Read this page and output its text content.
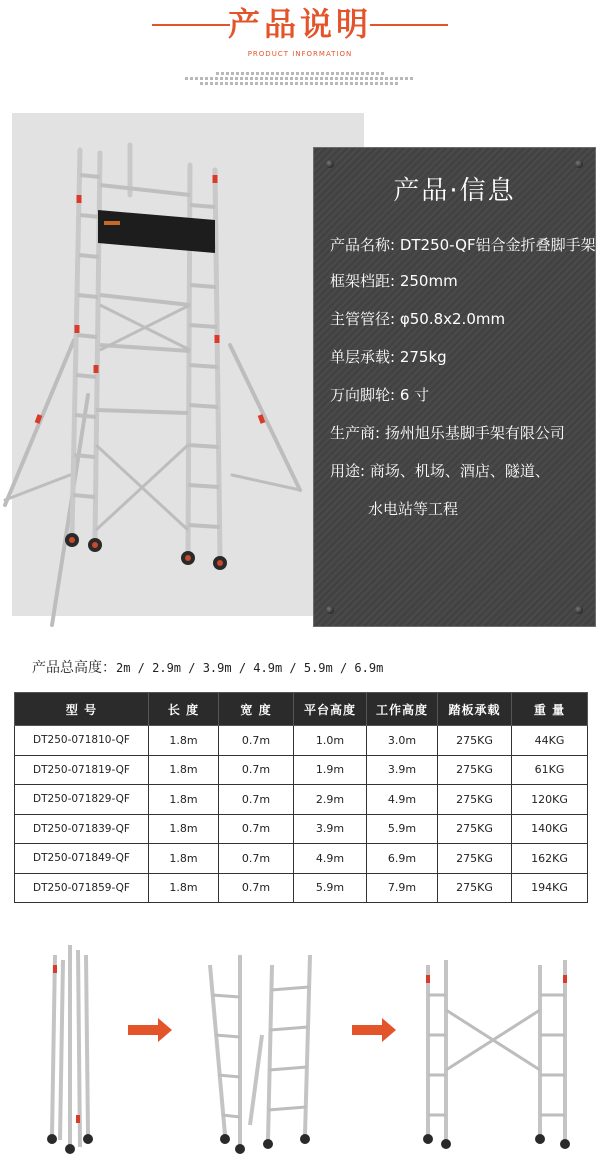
产品说明
PRODUCT INFORMATION
产品·信息
产品名称: DT250-QF铝合金折叠脚手架
框架档距: 250mm
主管管径: φ50.8x2.0mm
单层承载: 275kg
万向脚轮: 6 寸
生产商: 扬州旭乐基脚手架有限公司
用途: 商场、机场、酒店、隧道、
水电站等工程
产品总高度：2m / 2.9m / 3.9m / 4.9m / 5.9m / 6.9m
型 号	长 度	宽 度	平台高度	工作高度	踏板承载	重 量
DT250-071810-QF	1.8m	0.7m	1.0m	3.0m	275KG	44KG
DT250-071819-QF	1.8m	0.7m	1.9m	3.9m	275KG	61KG
DT250-071829-QF	1.8m	0.7m	2.9m	4.9m	275KG	120KG
DT250-071839-QF	1.8m	0.7m	3.9m	5.9m	275KG	140KG
DT250-071849-QF	1.8m	0.7m	4.9m	6.9m	275KG	162KG
DT250-071859-QF	1.8m	0.7m	5.9m	7.9m	275KG	194KG
